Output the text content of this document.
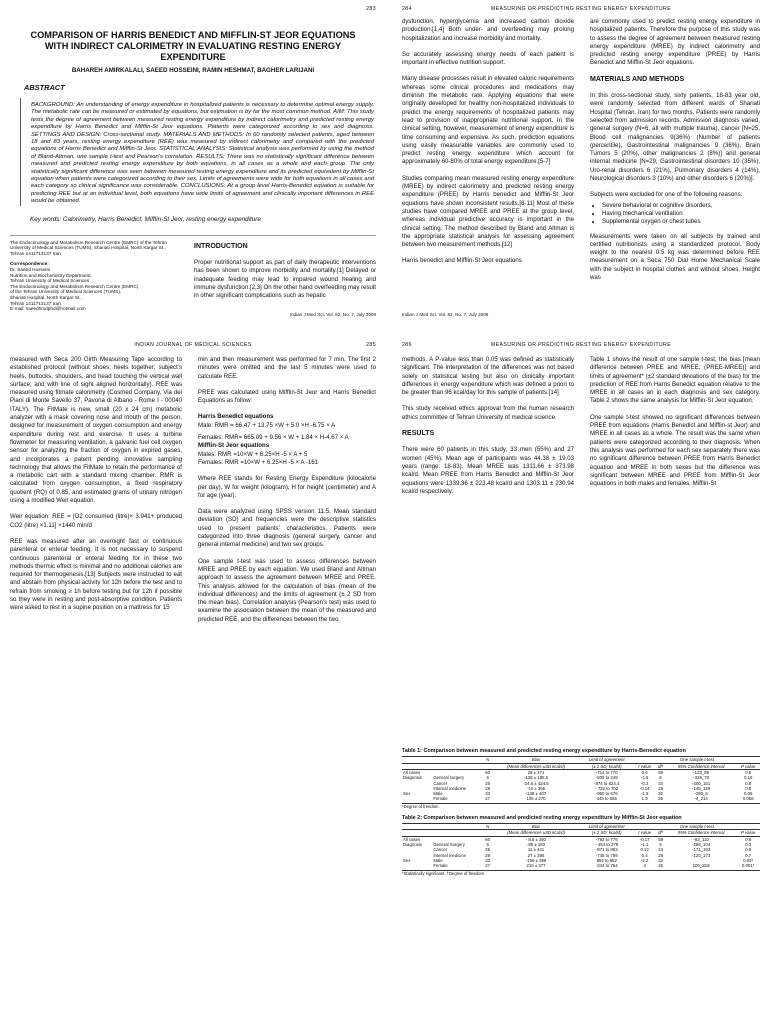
283
COMPARISON OF HARRIS BENEDICT AND MIFFLIN-ST JEOR EQUATIONS WITH INDIRECT CALORIMETRY IN EVALUATING RESTING ENERGY EXPENDITURE
BAHAREH AMIRKALALI, SAEED HOSSEINI, RAMIN HESHMAT, BAGHER LARIJANI
ABSTRACT
BACKGROUND: An understanding of energy expenditure in hospitalized patients is necessary to determine optimal energy supply. The metabolic rate can be measured or estimated by equations, but estimation is by far the most common method. AIM: This study tests the degree of agreement between measured resting energy expenditure by indirect calorimetry and predicted resting energy expenditure by Harris Benedict and Mifflin-St Jeor equations. Patients were categorized according to sex and diagnosis. SETTINGS AND DESIGN: Cross-sectional study. MATERIALS AND METHODS: In 60 randomly selected patients, aged between 18 and 83 years, resting energy expenditure (REE) was measured by indirect calorimetry and compared with the predicted equations of Harris Benedict and Mifflin-St Jeor. STATISTICAL ANALYSIS: Statistical analysis was performed by using the method of Bland-Altman, one sample t-test and Pearson's correlation. RESULTS: There was no statistically significant difference between measured and predicted resting energy expenditure by both equations, in all cases as a whole and each group. The only statistically significant difference was seen between measured resting energy expenditure and its predicted equivalent by Mifflin-St equation when patients were categorized according to their sex. Limits of agreements were wide for both equations in all cases and each category so clinical significance was considerable. CONCLUSIONS: At a group level Harris-Benedict equation is suitable for predicting REE but at an individual level, both equations have wide limits of agreement and clinically important differences in REE would be obtained.
Key words: Calorimetry, Harris Benedict, Mifflin-St Jeor, resting energy expenditure

The Endocrinology and Metabolism Research Centre (EMRC) of the Tehran University of Medical Sciences (TUMS), Shariati Hospital, North Kargar St., Tehran 1411713137 Iran

Correspondence:
Dr. Saeed Hosseini
Nutrition and Biochemistry Department,
Tehran University of Medical Sciences
The Endocrinology and Metabolism Research Centre (EMRC)
of the Tehran University of Medical Sciences (TUMS),
Shariati Hospital, North Kargar St.,
Tehran 1411713137 Iran.
E-mail: saeedhmdphd@hotmail.com
INTRODUCTION

Proper nutritional support as part of daily therapeutic interventions has been shown to improve morbidity and mortality.[1] Delayed or inadequate feeding may lead to impaired wound healing and immune dysfunction.[2,3] On the other hand overfeeding may result in other significant complications such as hepatic

Indian J Med Sci, Vol. 62, No. 7, July 2008
284	MEASURING OR PREDICTING RESTING ENERGY EXPENDITURE

dysfunction, hyperglycemia and increased carbon dioxide production.[1,4] Both under- and overfeeding may prolong hospitalization and increase morbidity and mortality.

So accurately assessing energy needs of each patient is important in effective nutrition support.

Many disease processes result in elevated caloric requirements whereas some clinical procedures and medications may diminish the metabolic rate. Applying equations that were originally developed for healthy non-hospitalized individuals to predict the energy requirements of hospitalized patients may lead to provision of inappropriate nutritional support. In the clinical setting, however, measurement of energy expenditure is time consuming and expensive. As such, prediction equations using easily measurable variables are commonly used to predict resting energy expenditure which account for approximately 60-80% of total energy expenditure.[5-7]

Studies comparing mean measured resting energy expenditure (MREE) by indirect calorimetry and predicted resting energy expenditure (PREE) by Harris benedict and Mifflin-St Jeor equations have shown inconsistent results.[8-11] Most of these studies have compared MREE and PREE at the group level, whereas individual predictive accuracy is important in the clinical setting. The method described by Bland and Altman is the appropriate statistical analysis for assessing agreement between two measurement methods.[12]

Harris benedict and Mifflin-St Jeor equations

are commonly used to predict resting energy expenditure in hospitalized patients. Therefore the purpose of this study was to assess the degree of agreement between measured resting energy expenditure (MREE) by indirect calorimetry and predicted resting energy expenditure (PREE) by Harris Benedict and Mifflin-St Jeor equations.

MATERIALS AND METHODS

In this cross-sectional study, sixty patients, 18-83 year old, were randomly selected from different wards of Shariati Hospital (Tehran, Iran) for two months. Patients were randomly selected from admission records. Admission diagnosis varied, general surgery (N=6, all with multiple trauma), cancer [N=25, Blood cell malignancies 9(36%) (Number of patients (percentile), Gastrointestinal malignancies 9 (36%), Brain Tumors 5 (20%), other malignancies 2 (8%)] and general internal medicine [N=29, Gastrointestinal disorders 10 (35%), Uro-renal disorders 6 (21%), Pulmonary disorders 4 (14%), Neurological disorders 3 (10%) and other disorders 6 (20%)].

Subjects were excluded for one of the following reasons:

• Severe behavioral or cognitive disorders,
• Having mechanical ventilation
• Supplemental oxygen or chest tubes

Measurements were taken on all subjects by trained and certified nutritionists using a standardized protocol. Body weight to the nearest 0.5 kg was determined before REE measurement on a Seca 750 Dial Home Mechanical Scale with the subject in hospital clothes and without shoes. Height was

Indian J Med Sci, Vol. 62, No. 7, July 2008
INDIAN JOURNAL OF MEDICAL SCIENCES	285

measured with Seca 200 Girth Measuring Tape according to established protocol (without shoes; heels together; subject's heels, buttocks, shoulders, and head touching the vertical wall surface; and with line of sight aligned horizontally). REE was measured using fitmate calorimetry (Cosmed Company, Via dei Piani di Monte Savello 37, Pavona di Albano - Rome I - 00040 ITALY). The FitMate is new, small (20 x 24 cm) metabolic analyzer with a mask covering nose and mouth of the person, designed for measurement of oxygen consumption and energy expenditure during rest and exercise. It uses a turbine flowmeter for measuring ventilation, a galvanic fuel cell oxygen sensor for analyzing the fraction of oxygen in expired gases, and incorporates a patent pending innovative sampling technology that allows the FitMate to retain the performance of a metabolic cart with a standard mixing chamber. RMR is calculated from oxygen consumption, a fixed respiratory quotient (RQ) of 0.85, and estimated grams of urinary nitrogen using a modified Weir equation.

Weir equation: REE = [O2 consumed (litre)× 3.941+ produced CO2 (litre) ×1.11] ×1440 min/d

REE was measured after an overnight fast or continuous parenteral or enteral feeding. It is not necessary to suspend continuous parenteral or enteral feeding for in these two methods thermic effect is minimal and no additional calories are required for thermogenesis.[13] Subjects were instructed to eat and abstain from physical activity for 12h before the test and to refrain from smoking ≥ 1h before testing but for 12h if possible so they were in resting and post-absorptive condition. Patients were asked to rest in a supine position on a mattress for 15

min and then measurement was performed for 7 min. The first 2 minutes were omitted and the last 5 minutes were used to calculate REE.

PREE was calculated using Mifflin-St Jeor and Harris Benedict Equations as follow:

Harris Benedict equations
Male: RMR = 66.47 + 13.75 ×W + 5.0 ×H -6.75 × A
Females: RMR= 665.09 + 9.56 × W + 1.84 × H-4.67 × A
Mifflin-St Jeor equations
Males: RMR =10×W + 6.25×H -5 × A + 5
Females: RMR =10×W + 6.25×H -5 × A -161

Where REE stands for Resting Energy Expenditure (kilocalorie per day), W for weight (kilogram), H for height (centimeter) and A for age (year).

Data were analyzed using SPSS version 11.5. Mean standard deviation (SD) and frequencies were the descriptive statistics used to present patients' characteristics. Patients were categorized into three diagnosis (general surgery, cancer and general internal medicine) and two sex groups.

One sample t-test was used to assess differences between MREE and PREE by each equation. We used Bland and Altman approach to assess the agreement between MREE and PREE. This analysis allowed for the calculation of bias (mean of the individual differences) and the limits of agreement (± 2 SD from the mean bias). Correlation analysis (Pearson's test) was used to examine the association between the mean of the measured and predicted REE, and the differences between the two

286	MEASURING OR PREDICTING RESTING ENERGY EXPENDITURE

methods. A P-value less than 0.05 was defined as statistically significant. The interpretation of the differences was not based solely on statistical testing but also on clinically important differences in energy expenditure which was defined a priori to be greater than 96 kcal/day for this sample of patients.[14]

This study received ethics approval from the human research ethics committee of Tehran University of medical science.

RESULTS

There were 60 patients in this study, 33 men (55%) and 27 women (45%). Mean age of participants was 44.38 ± 19.03 years (range: 18-83). Mean MREE was 1311.66 ± 373.98 kcal/d. Mean PREE from Harris Benedict and Mifflin-St Jeor equations were 1339.36 ± 223.48 kcal/d and 1303.11 ± 230.94 kcal/d respectively.

Table 1 shows the result of one sample t-test, the bias [mean difference between PREE and MREE, (PREE-MREE)] and limits of agreement* (±2 standard deviations of the bias) for the prediction of REE from Harris Benedict equation relative to the MREE in all cases an in each diagnosis and sex category. Table 2 shows the same analysis for Mifflin-St Jeor equation.

One sample t-test showed no significant differences between PREE from equations (Harris Benedict and Mifflin-st Jeor) and MREE in all cases as a whole. The result was the same when patients were categorized according to their diagnosis. When this analysis was performed for each sex separately there was no significant difference between PREE from Harris Benedict equation and MREE in both sexes but the difference was significant between MREE and PREE from Mifflin-St Jeor equations in both males and females. Mifflin-St

Table 1: Comparison between measured and predicted resting energy expenditure by Harris-Benedict equation
		N	Bias	Limit of agreement	One sample t-test			
			(Mean differences ±SD kcal/d)	(± 2 SD; kcal/d)	t value	df*	95% Confidence interval	P value
All cases		60	28 ± 371	-714 to 770	0.6	59	-123_85	0.6
Diagnosis	General surgery	6	-128 ± 185.5	-505 to 249	-1.6	5	-325_70	0.16
	Cancer	25	-24.6 ± 424.5	-874 to 824.4	-0.3	24	-200_151	0.8
	Internal medicine	29	-10 ± 356	- 722 to 702	-0.14	28	-145_126	0.8
Sex	Male	33	-138 ± 407	-950 to 676	-1.9	32	-280_6	0.06
	Female	27	105 ± 270	445 to 655	1.9	26	-4_214	0.058
*Degree of freedom
Table 2: Comparison between measured and predicted resting energy expenditure by Mifflin-St Jeor equation
		N	Bias	Limit of agreement	One sample t-test			
			(Mean differences ±SD kcal/d)	(± 2 SD; kcal/d)	t value	df*	95% Confidence interval	P value
All cases		60	- 8.5 ± 392	-793 to 776	-0.17	59	-93_110	0.8
Diagnosis	General Surgery	6	-86 ± 183	- 454 to 278	-1.1	5	-296_104	0.3
	Cancer	25	11 ± 441	-871 to 893	0.12	24	-171_193	0.9
	Internal medicine	29	27 ± 386	-745 to 799	0.4	28	-120_173	0.7
Sex	Male	33	-156 ± 396	952 to 952	-2.2	32		0.03*
	Female	27	210 ± 277	-344 to 764	4	26	100_319	0.001*
*Statistically significant, †Degree of freedom
